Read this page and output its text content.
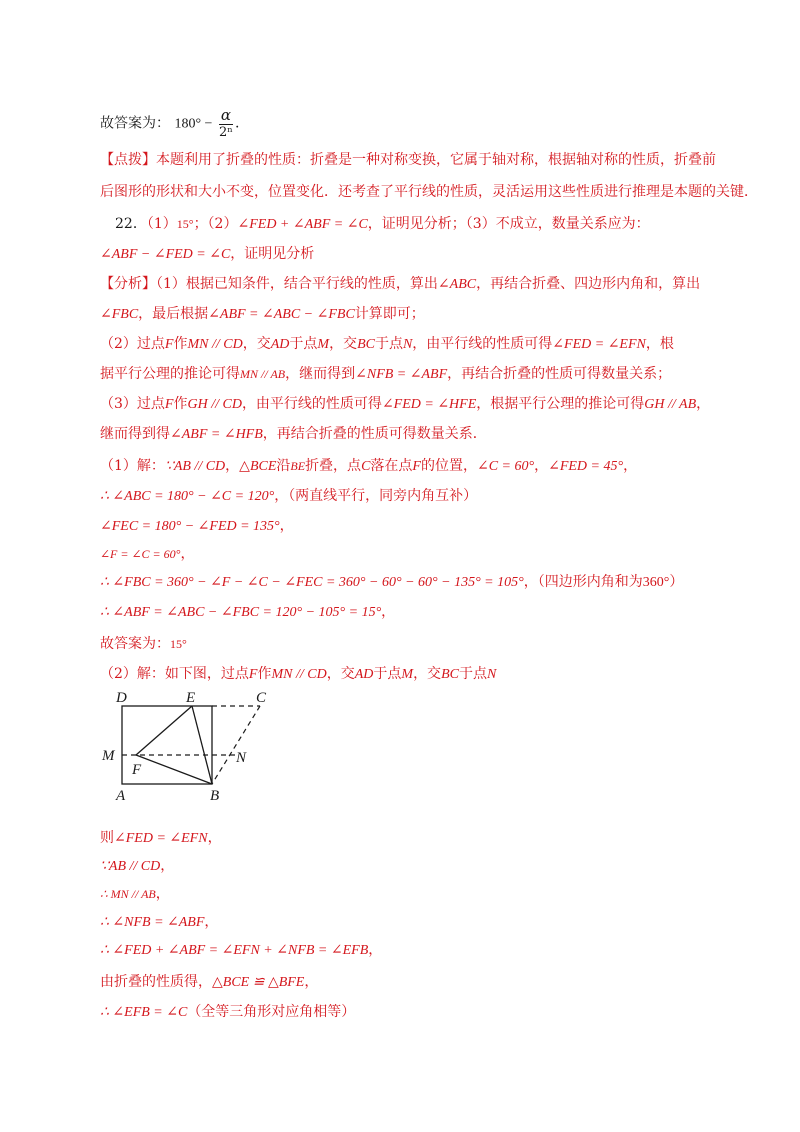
故答案为： $180^\circ - \frac{\alpha}{\text{2ⁿ}}$ .
【点拨】本题利用了折叠的性质：折叠是一种对称变换，它属于轴对称，根据轴对称的性质，折叠前
后图形的形状和大小不变，位置变化．还考查了平行线的性质，灵活运用这些性质进行推理是本题的关键．
22．（1）15°；（2）∠FED + ∠ABF = ∠C，证明见分析；（3）不成立，数量关系应为：
∠ABF − ∠FED = ∠C，证明见分析
【分析】（1）根据已知条件，结合平行线的性质，算出∠ABC，再结合折叠、四边形内角和，算出
∠FBC，最后根据∠ABF = ∠ABC − ∠FBC计算即可；
（2）过点F作MN // CD，交AD于点M，交BC于点N，由平行线的性质可得∠FED = ∠EFN，根
据平行公理的推论可得MN // AB，继而得到∠NFB = ∠ABF，再结合折叠的性质可得数量关系；
（3）过点F作GH // CD，由平行线的性质可得∠FED = ∠HFE，根据平行公理的推论可得GH // AB，
继而得到得∠ABF = ∠HFB，再结合折叠的性质可得数量关系．
（1）解：∵AB // CD，△BCE沿BE折叠，点C落在点F的位置，∠C = 60°，∠FED = 45°，
∴ ∠ABC = 180° − ∠C = 120°，（两直线平行，同旁内角互补）
∠FEC = 180° − ∠FED = 135°，
∠F = ∠C = 60°，
∴ ∠FBC = 360° − ∠F − ∠C − ∠FEC = 360° − 60° − 60° − 135° = 105°，（四边形内角和为360°）
∴ ∠ABF = ∠ABC − ∠FBC = 120° − 105° = 15°，
故答案为：15°
（2）解：如下图，过点F作MN // CD，交AD于点M，交BC于点N
D	E	C
M	N
F
A	B
则∠FED = ∠EFN，
∵AB // CD，
∴ MN // AB，
∴ ∠NFB = ∠ABF，
∴ ∠FED + ∠ABF = ∠EFN + ∠NFB = ∠EFB，
由折叠的性质得，△BCE ≌ △BFE，
∴ ∠EFB = ∠C（全等三角形对应角相等）
